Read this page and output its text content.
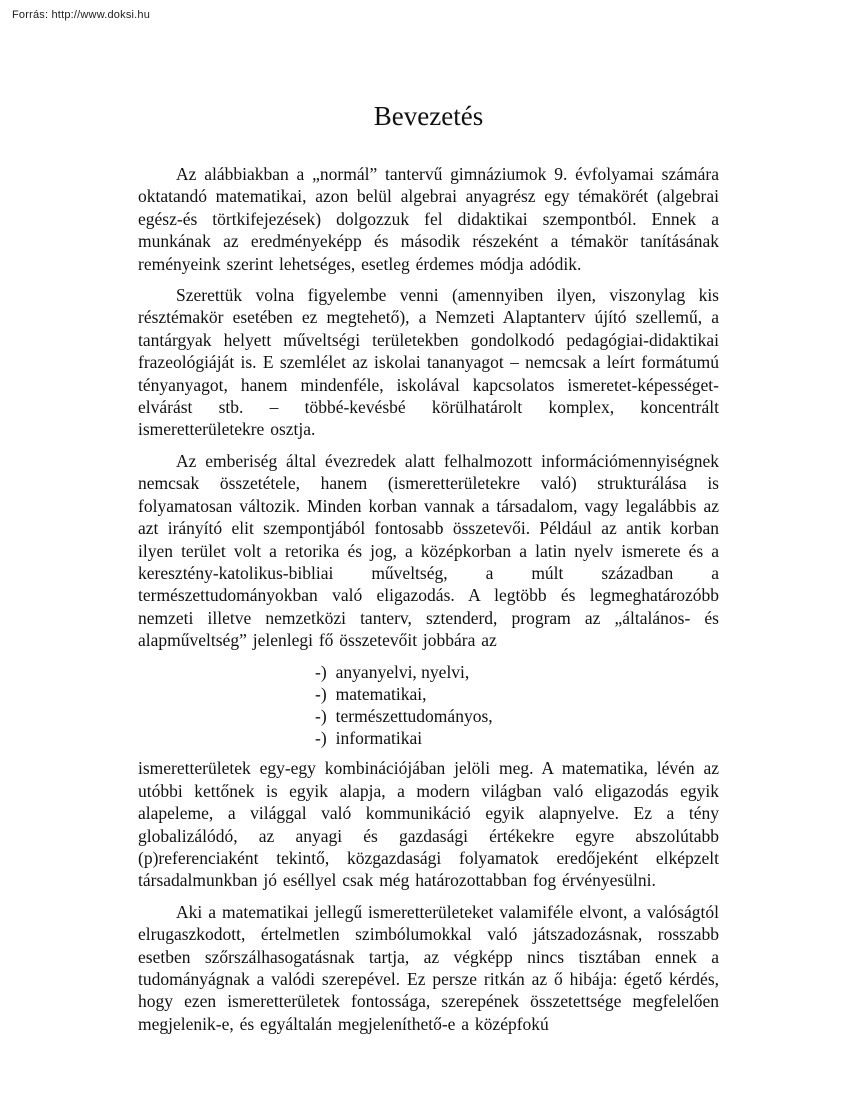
Forrás: http://www.doksi.hu
Bevezetés

Az alábbiakban a „normál” tantervű gimnáziumok 9. évfolyamai számára oktatandó matematikai, azon belül algebrai anyagrész egy témakörét (algebrai egész-és törtkifejezések) dolgozzuk fel didaktikai szempontból. Ennek a munkának az eredményeképp és második részeként a témakör tanításának reményeink szerint lehetséges, esetleg érdemes módja adódik.

Szerettük volna figyelembe venni (amennyiben ilyen, viszonylag kis résztémakör esetében ez megtehető), a Nemzeti Alaptanterv újító szellemű, a tantárgyak helyett műveltségi területekben gondolkodó pedagógiai-didaktikai frazeológiáját is. E szemlélet az iskolai tananyagot – nemcsak a leírt formátumú tényanyagot, hanem mindenféle, iskolával kapcsolatos ismeretet-képességet-elvárást stb. – többé-kevésbé körülhatárolt komplex, koncentrált ismeretterületekre osztja.

Az emberiség által évezredek alatt felhalmozott információmennyiségnek nemcsak összetétele, hanem (ismeretterületekre való) strukturálása is folyamatosan változik. Minden korban vannak a társadalom, vagy legalábbis az azt irányító elit szempontjából fontosabb összetevői. Például az antik korban ilyen terület volt a retorika és jog, a középkorban a latin nyelv ismerete és a keresztény-katolikus-bibliai műveltség, a múlt században a természettudományokban való eligazodás. A legtöbb és legmeghatározóbb nemzeti illetve nemzetközi tanterv, sztenderd, program az „általános- és alapműveltség” jelenlegi fő összetevőit jobbára az

-) anyanyelvi, nyelvi,
-) matematikai,
-) természettudományos,
-) informatikai

ismeretterületek egy-egy kombinációjában jelöli meg. A matematika, lévén az utóbbi kettőnek is egyik alapja, a modern világban való eligazodás egyik alapeleme, a világgal való kommunikáció egyik alapnyelve. Ez a tény globalizálódó, az anyagi és gazdasági értékekre egyre abszolútabb (p)referenciaként tekintő, közgazdasági folyamatok eredőjeként elképzelt társadalmunkban jó eséllyel csak még határozottabban fog érvényesülni.

Aki a matematikai jellegű ismeretterületeket valamiféle elvont, a valóságtól elrugaszkodott, értelmetlen szimbólumokkal való játszadozásnak, rosszabb esetben szőrszálhasogatásnak tartja, az végképp nincs tisztában ennek a tudományágnak a valódi szerepével. Ez persze ritkán az ő hibája: égető kérdés, hogy ezen ismeretterületek fontossága, szerepének összetettsége megfelelően megjelenik-e, és egyáltalán megjeleníthető-e a középfokú
